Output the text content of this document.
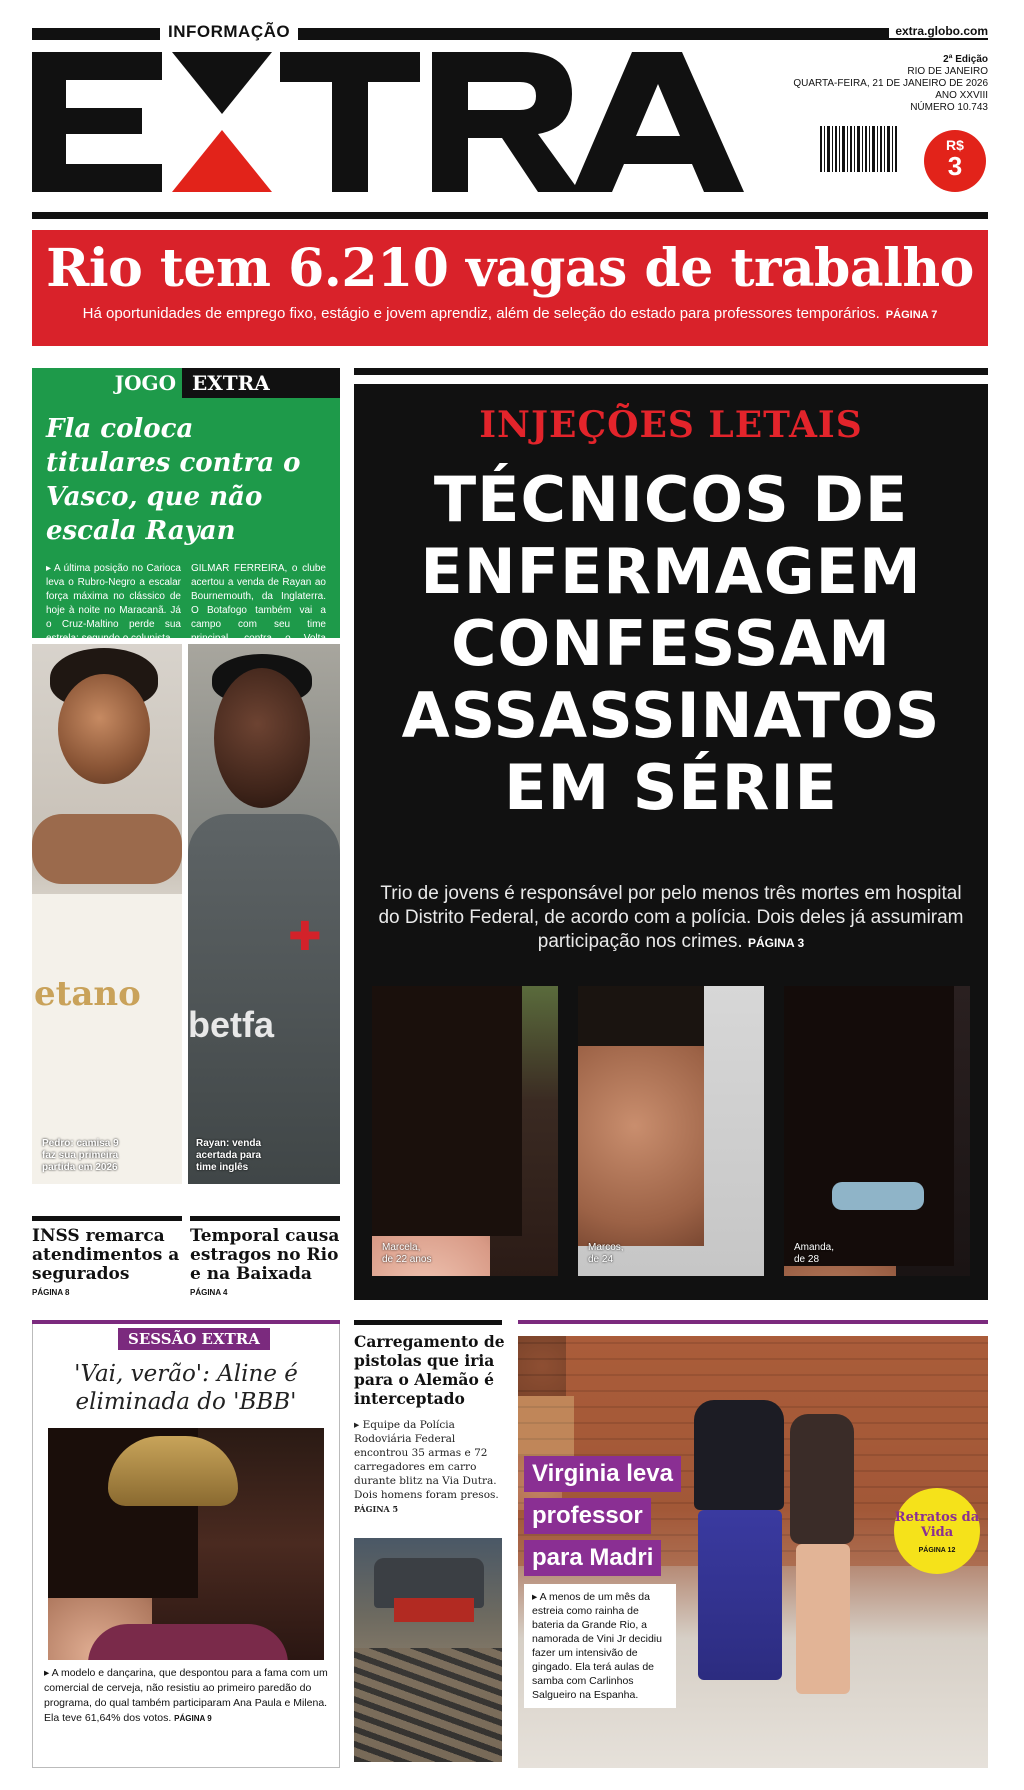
INFORMAÇÃO	extra.globo.com
2ª Edição
RIO DE JANEIRO
QUARTA-FEIRA, 21 DE JANEIRO DE 2026
ANO XXVIII
NÚMERO 10.743
R$
3
Rio tem 6.210 vagas de trabalho

Há oportunidades de emprego fixo, estágio e jovem aprendiz, além de seleção do estado para professores temporários. PÁGINA 7

JOGO EXTRA
Fla coloca titulares contra o Vasco, que não escala Rayan
▸ A última posição no Carioca leva o Rubro-Negro a escalar força máxima no clássico de hoje à noite no Maracanã. Já o Cruz-Maltino perde sua estrela: segundo o colunista
GILMAR FERREIRA, o clube acertou a venda de Rayan ao Bournemouth, da Inglaterra. O Botafogo também vai a campo com seu time principal, contra o Volta
etano
Pedro: camisa 9 faz sua primeira partida em 2026
✚
betfa
Rayan: venda acertada para time inglês
INSS remarca atendimentos a segurados
PÁGINA 8
Temporal causa estragos no Rio e na Baixada
PÁGINA 4
INJEÇÕES LETAIS
TÉCNICOS DE
ENFERMAGEM
CONFESSAM
ASSASSINATOS
EM SÉRIE
Trio de jovens é responsável por pelo menos três mortes em hospital do Distrito Federal, de acordo com a polícia. Dois deles já assumiram participação nos crimes. PÁGINA 3
Marcela,
de 22 anos
Marcos,
de 24
Amanda,
de 28
SESSÃO EXTRA
'Vai, verão': Aline é eliminada do 'BBB'
▸ A modelo e dançarina, que despontou para a fama com um comercial de cerveja, não resistiu ao primeiro paredão do programa, do qual também participaram Ana Paula e Milena. Ela teve 61,64% dos votos. PÁGINA 9
Carregamento de pistolas que iria para o Alemão é interceptado
▸ Equipe da Polícia Rodoviária Federal encontrou 35 armas e 72 carregadores em carro durante blitz na Via Dutra. Dois homens foram presos. PÁGINA 5
Virginia leva
professor
para Madri
▸ A menos de um mês da estreia como rainha de bateria da Grande Rio, a namorada de Vini Jr decidiu fazer um intensivão de gingado. Ela terá aulas de samba com Carlinhos Salgueiro na Espanha.
Retratos da Vida
PÁGINA 12
